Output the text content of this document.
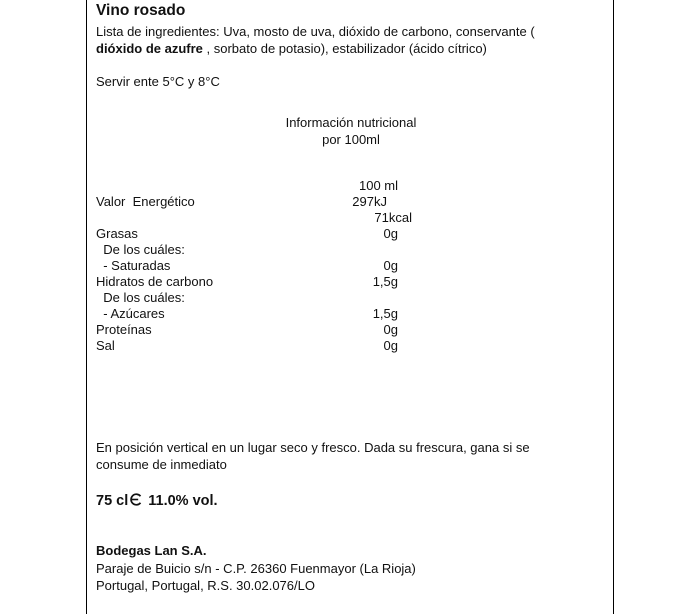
Vino rosado
Lista de ingredientes: Uva, mosto de uva, dióxido de carbono, conservante (
dióxido de azufre , sorbato de potasio), estabilizador (ácido cítrico)
Servir ente 5°C y 8°C
Información nutricional
por 100ml
100 ml
Valor  Energético	297kJ
71kcal
Grasas	0g
De los cuáles:
- Saturadas	0g
Hidratos de carbono	1,5g
De los cuáles:
- Azúcares	1,5g
Proteínas	0g
Sal	0g
En posición vertical en un lugar seco y fresco. Dada su frescura, gana si se
consume de inmediato
75 cl 11.0% vol.
Bodegas Lan S.A.
Paraje de Buicio s/n - C.P. 26360 Fuenmayor (La Rioja)
Portugal, Portugal, R.S. 30.02.076/LO
